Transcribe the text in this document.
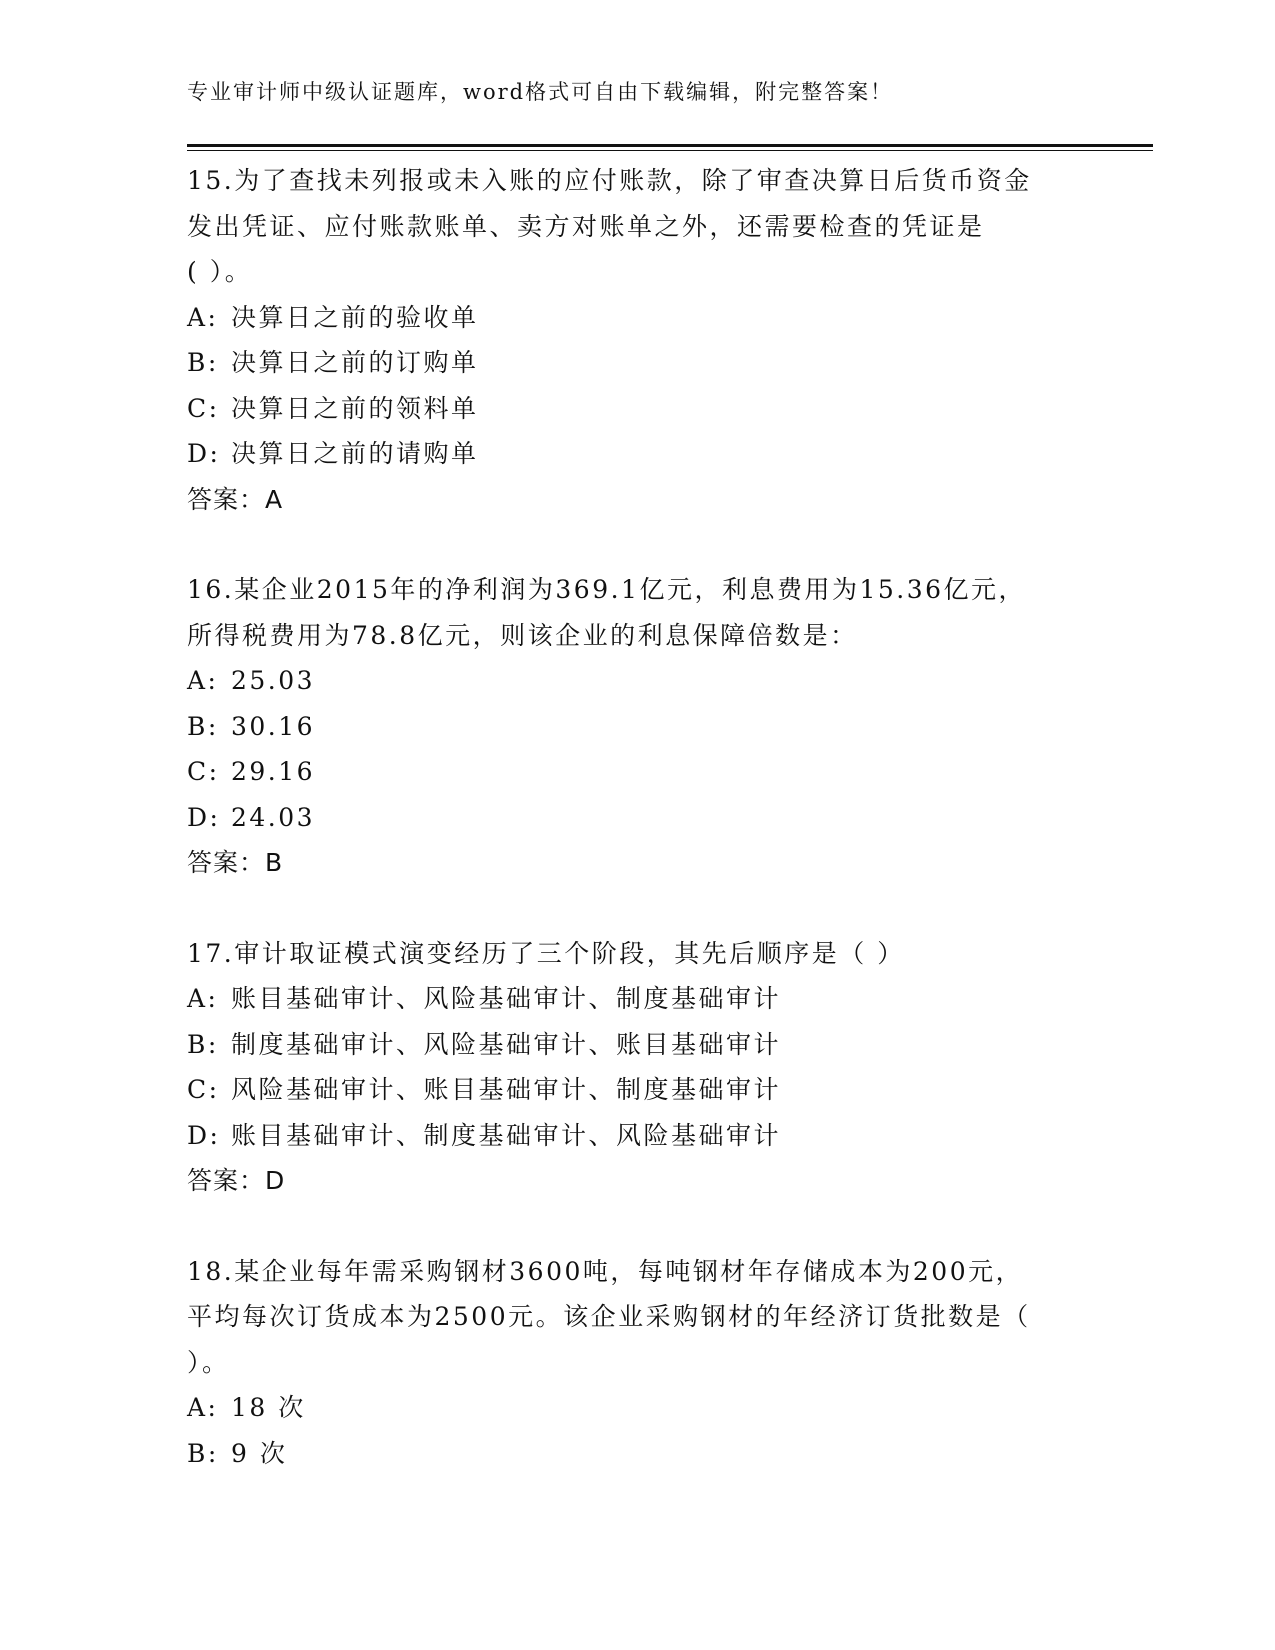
专业审计师中级认证题库，word格式可自由下载编辑，附完整答案！
15.为了查找未列报或未入账的应付账款，除了审查决算日后货币资金
发出凭证、应付账款账单、卖方对账单之外，还需要检查的凭证是
( ）。
A: 决算日之前的验收单
B: 决算日之前的订购单
C: 决算日之前的领料单
D: 决算日之前的请购单
答案：A
16.某企业2015年的净利润为369.1亿元，利息费用为15.36亿元，
所得税费用为78.8亿元，则该企业的利息保障倍数是：
A: 25.03
B: 30.16
C: 29.16
D: 24.03
答案：B
17.审计取证模式演变经历了三个阶段，其先后顺序是（ ）
A: 账目基础审计、风险基础审计、制度基础审计
B: 制度基础审计、风险基础审计、账目基础审计
C: 风险基础审计、账目基础审计、制度基础审计
D: 账目基础审计、制度基础审计、风险基础审计
答案：D
18.某企业每年需采购钢材3600吨，每吨钢材年存储成本为200元，
平均每次订货成本为2500元。该企业采购钢材的年经济订货批数是（
）。
A: 18 次
B: 9 次
